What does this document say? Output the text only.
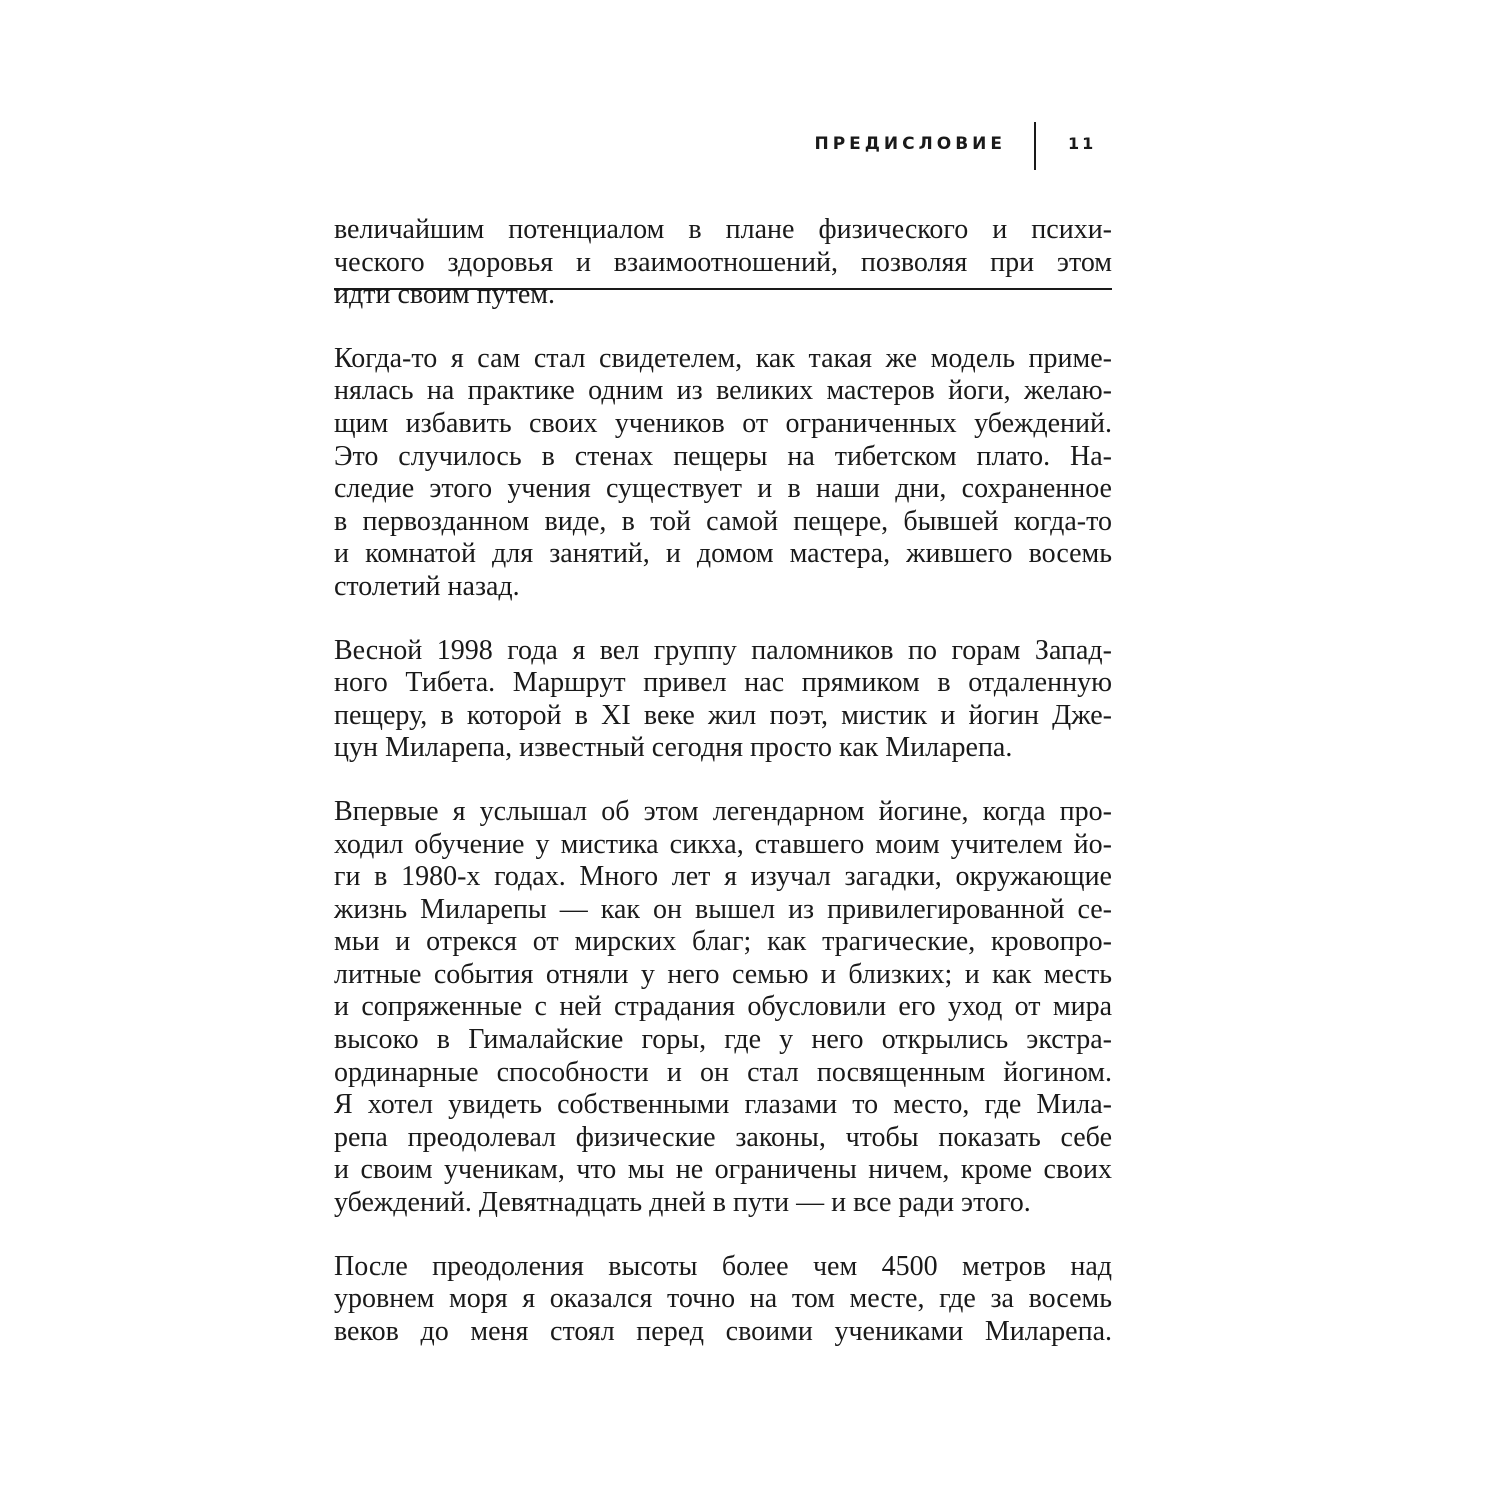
ПРЕДИСЛОВИЕ	11

величайшим потенциалом в плане физического и психи-
ческого здоровья и взаимоотношений, позволяя при этом
идти своим путем.

Когда-то я сам стал свидетелем, как такая же модель приме-
нялась на практике одним из великих мастеров йоги, желаю-
щим избавить своих учеников от ограниченных убеждений.
Это случилось в стенах пещеры на тибетском плато. На-
следие этого учения существует и в наши дни, сохраненное
в первозданном виде, в той самой пещере, бывшей когда-то
и комнатой для занятий, и домом мастера, жившего восемь
столетий назад.

Весной 1998 года я вел группу паломников по горам Запад-
ного Тибета. Маршрут привел нас прямиком в отдаленную
пещеру, в которой в XI веке жил поэт, мистик и йогин Дже-
цун Миларепа, известный сегодня просто как Миларепа.

Впервые я услышал об этом легендарном йогине, когда про-
ходил обучение у мистика сикха, ставшего моим учителем йо-
ги в 1980-х годах. Много лет я изучал загадки, окружающие
жизнь Миларепы — как он вышел из привилегированной се-
мьи и отрекся от мирских благ; как трагические, кровопро-
литные события отняли у него семью и близких; и как месть
и сопряженные с ней страдания обусловили его уход от мира
высоко в Гималайские горы, где у него открылись экстра-
ординарные способности и он стал посвященным йогином.
Я хотел увидеть собственными глазами то место, где Мила-
репа преодолевал физические законы, чтобы показать себе
и своим ученикам, что мы не ограничены ничем, кроме своих
убеждений. Девятнадцать дней в пути — и все ради этого.

После преодоления высоты более чем 4500 метров над
уровнем моря я оказался точно на том месте, где за восемь
веков до меня стоял перед своими учениками Миларепа.
